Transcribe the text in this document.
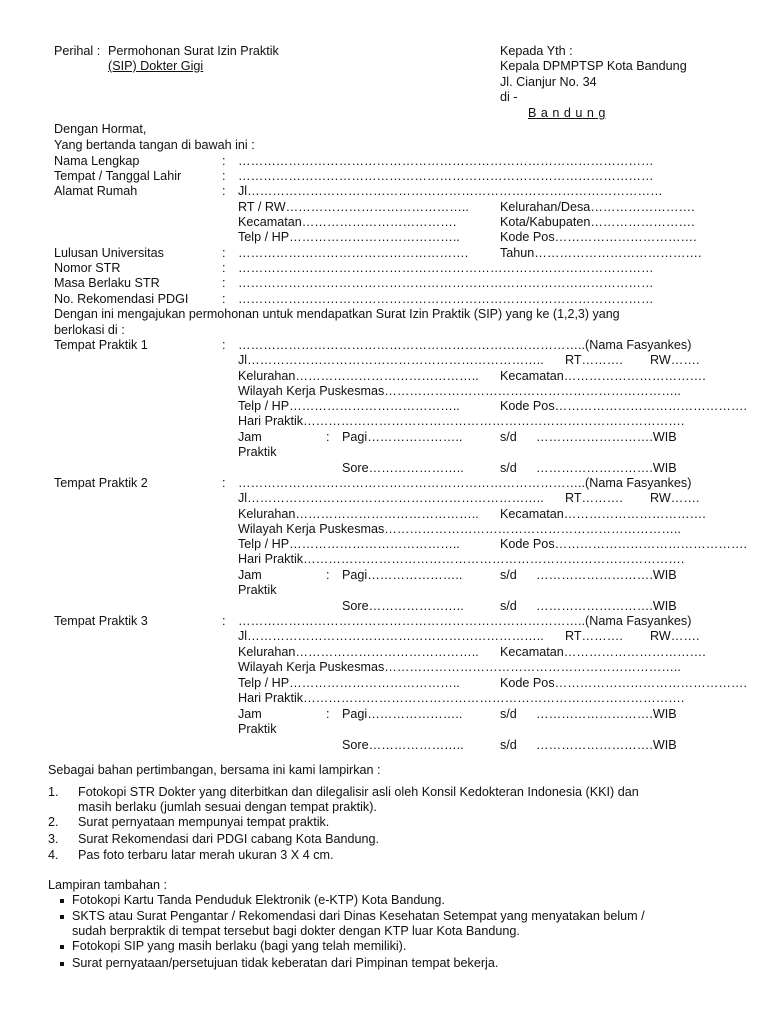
Perihal : Permohonan Surat Izin Praktik
(SIP) Dokter Gigi
Kepada Yth :
Kepala DPMPTSP Kota Bandung
Jl. Cianjur No. 34
di -
B a n d u n g
Dengan Hormat,
Yang bertanda tangan di bawah ini :
Nama Lengkap	: ………………………………………………………………………………………
Tempat / Tanggal Lahir	: ………………………………………………………………………………………
Alamat Rumah	: Jl………………………………………………………………………………………
RT / RW…………………………………….. Kelurahan/Desa…………………….
Kecamatan……………………………….	Kota/Kabupaten…………………….
Telp / HP…………………………………..	Kode Pos…………………………….
Lulusan Universitas	: ……………………………………………….	Tahun………………………………….
Nomor STR	: ………………………………………………………………………………………
Masa Berlaku STR	: ………………………………………………………………………………………
No. Rekomendasi PDGI	: ………………………………………………………………………………………
Dengan ini mengajukan permohonan untuk mendapatkan Surat Izin Praktik (SIP) yang ke (1,2,3) yang
berlokasi di :
Tempat Praktik 1	: ………………………………………………………………………..(Nama Fasyankes)
Jl…………………………………………………………….. RT………. RW…….
Kelurahan…………………………………….. Kecamatan…………………………….
Wilayah Kerja Puskesmas……………………………………………………………..
Telp / HP…………………………………..	Kode Pos……………………………………….
Hari Praktik……………………………………………………………………………….
Jam	: Pagi…………………..	s/d ……………………….WIB
Praktik
Sore…………………..	s/d ……………………….WIB
Tempat Praktik 2	: ………………………………………………………………………..(Nama Fasyankes)
Jl…………………………………………………………….. RT………. RW…….
Kelurahan…………………………………….. Kecamatan…………………………….
Wilayah Kerja Puskesmas……………………………………………………………..
Telp / HP…………………………………..	Kode Pos……………………………………….
Hari Praktik……………………………………………………………………………….
Jam	: Pagi…………………..	s/d ……………………….WIB
Praktik
Sore…………………..	s/d ……………………….WIB
Tempat Praktik 3	: ………………………………………………………………………..(Nama Fasyankes)
Jl…………………………………………………………….. RT………. RW…….
Kelurahan…………………………………….. Kecamatan…………………………….
Wilayah Kerja Puskesmas……………………………………………………………..
Telp / HP…………………………………..	Kode Pos……………………………………….
Hari Praktik……………………………………………………………………………….
Jam	: Pagi…………………..	s/d ……………………….WIB
Praktik
Sore…………………..	s/d ……………………….WIB
Sebagai bahan pertimbangan, bersama ini kami lampirkan :
1. Fotokopi STR Dokter yang diterbitkan dan dilegalisir asli oleh Konsil Kedokteran Indonesia (KKI) dan
masih berlaku (jumlah sesuai dengan tempat praktik).
2. Surat pernyataan mempunyai tempat praktik.
3. Surat Rekomendasi dari PDGI cabang Kota Bandung.
4. Pas foto terbaru latar merah ukuran 3 X 4 cm.
Lampiran tambahan :
Fotokopi Kartu Tanda Penduduk Elektronik (e-KTP) Kota Bandung.
SKTS atau Surat Pengantar / Rekomendasi dari Dinas Kesehatan Setempat yang menyatakan belum /
sudah berpraktik di tempat tersebut bagi dokter dengan KTP luar Kota Bandung.
Fotokopi SIP yang masih berlaku (bagi yang telah memiliki).
Surat pernyataan/persetujuan tidak keberatan dari Pimpinan tempat bekerja.
